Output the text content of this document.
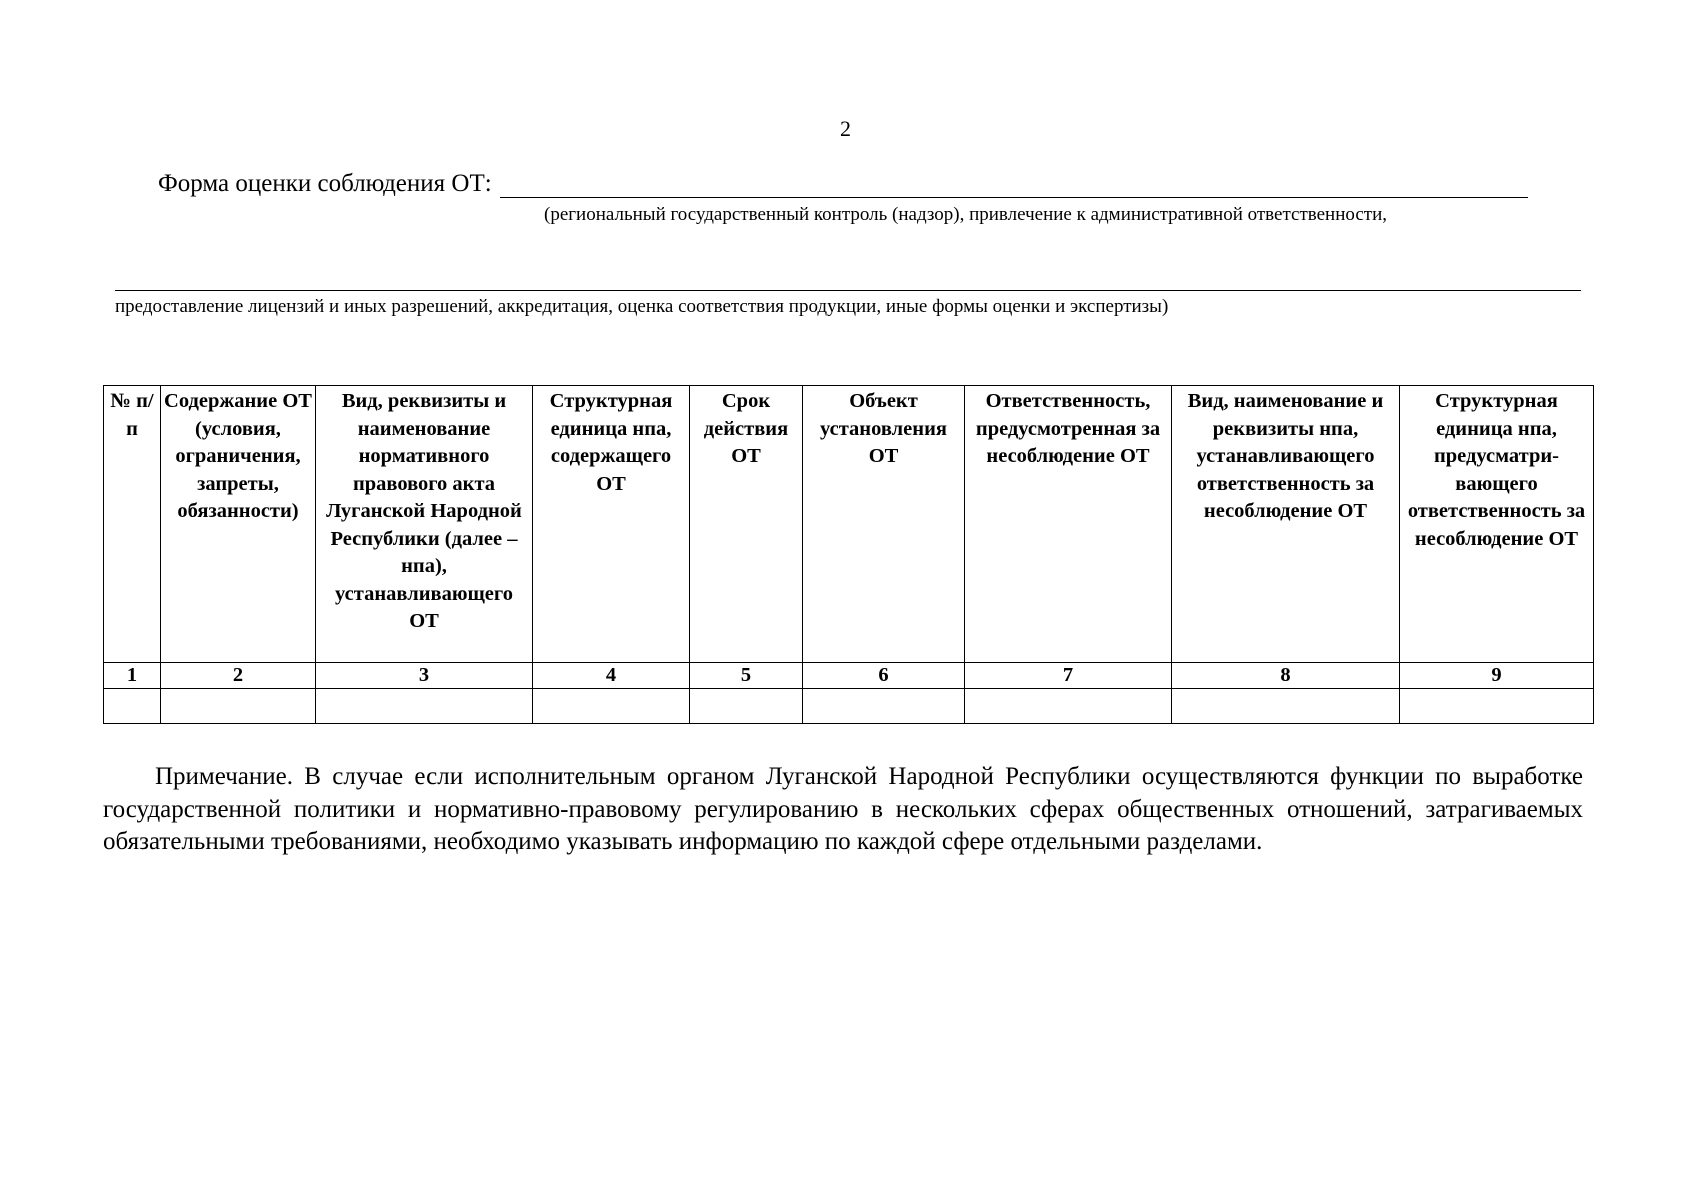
2
Форма оценки соблюдения ОТ:
(региональный государственный контроль (надзор), привлечение к административной ответственности,
предоставление лицензий и иных разрешений, аккредитация, оценка соответствия продукции, иные формы оценки и экспертизы)
№ п/п	Содержание ОТ (условия, ограничения, запреты, обязанности)	Вид, реквизиты и наименование нормативного правового акта Луганской Народной Республики (далее – нпа), устанавливающего ОТ	Структурная единица нпа, содержащего ОТ	Срок действия ОТ	Объект установления ОТ	Ответственность, предусмотренная за несоблюдение ОТ	Вид, наименование и реквизиты нпа, устанавливающего ответственность за несоблюдение ОТ	Структурная единица нпа, предусматри-вающего ответственность за несоблюдение ОТ
1	2	3	4	5	6	7	8	9

Примечание. В случае если исполнительным органом Луганской Народной Республики осуществляются функции по выработке государственной политики и нормативно-правовому регулированию в нескольких сферах общественных отношений, затрагиваемых обязательными требованиями, необходимо указывать информацию по каждой сфере отдельными разделами.
